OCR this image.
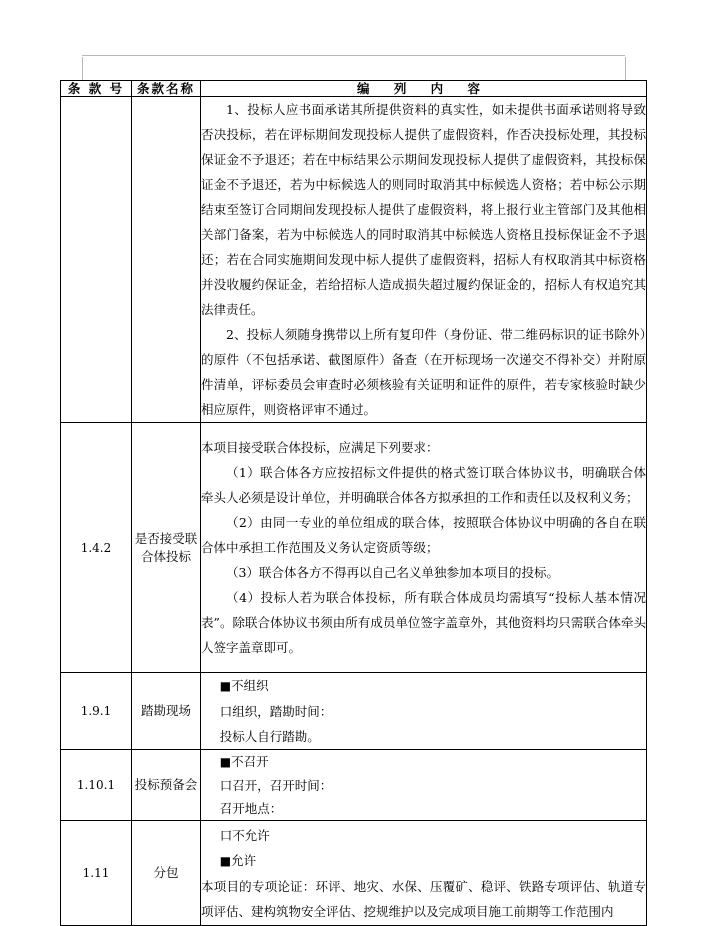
条 款 号	条款名称	编 列 内 容

		1、投标人应书面承诺其所提供资料的真实性，如未提供书面承诺则将导致否决投标，若在评标期间发现投标人提供了虚假资料，作否决投标处理，其投标保证金不予退还；若在中标结果公示期间发现投标人提供了虚假资料，其投标保证金不予退还，若为中标候选人的则同时取消其中标候选人资格；若中标公示期结束至签订合同期间发现投标人提供了虚假资料，将上报行业主管部门及其他相关部门备案，若为中标候选人的同时取消其中标候选人资格且投标保证金不予退还；若在合同实施期间发现中标人提供了虚假资料，招标人有权取消其中标资格并没收履约保证金，若给招标人造成损失超过履约保证金的，招标人有权追究其法律责任。

2、投标人须随身携带以上所有复印件（身份证、带二维码标识的证书除外）的原件（不包括承诺、截图原件）备查（在开标现场一次递交不得补交）并附原件清单，评标委员会审查时必须核验有关证明和证件的原件，若专家核验时缺少相应原件，则资格评审不通过。

1.4.2	是否接受联合体投标	本项目接受联合体投标，应满足下列要求：

（1）联合体各方应按招标文件提供的格式签订联合体协议书，明确联合体牵头人必须是设计单位，并明确联合体各方拟承担的工作和责任以及权利义务；

（2）由同一专业的单位组成的联合体，按照联合体协议中明确的各自在联合体中承担工作范围及义务认定资质等级；

（3）联合体各方不得再以自己名义单独参加本项目的投标。

（4）投标人若为联合体投标，所有联合体成员均需填写“投标人基本情况表”。除联合体协议书须由所有成员单位签字盖章外，其他资料均只需联合体牵头人签字盖章即可。

1.9.1	踏勘现场	■不组织

口组织，踏勘时间：

投标人自行踏勘。

1.10.1	投标预备会	■不召开

口召开，召开时间：

召开地点：

1.11	分包	口不允许

■允许

本项目的专项论证：环评、地灾、水保、压覆矿、稳评、铁路专项评估、轨道专项评估、建构筑物安全评估、挖规维护以及完成项目施工前期等工作范围内
